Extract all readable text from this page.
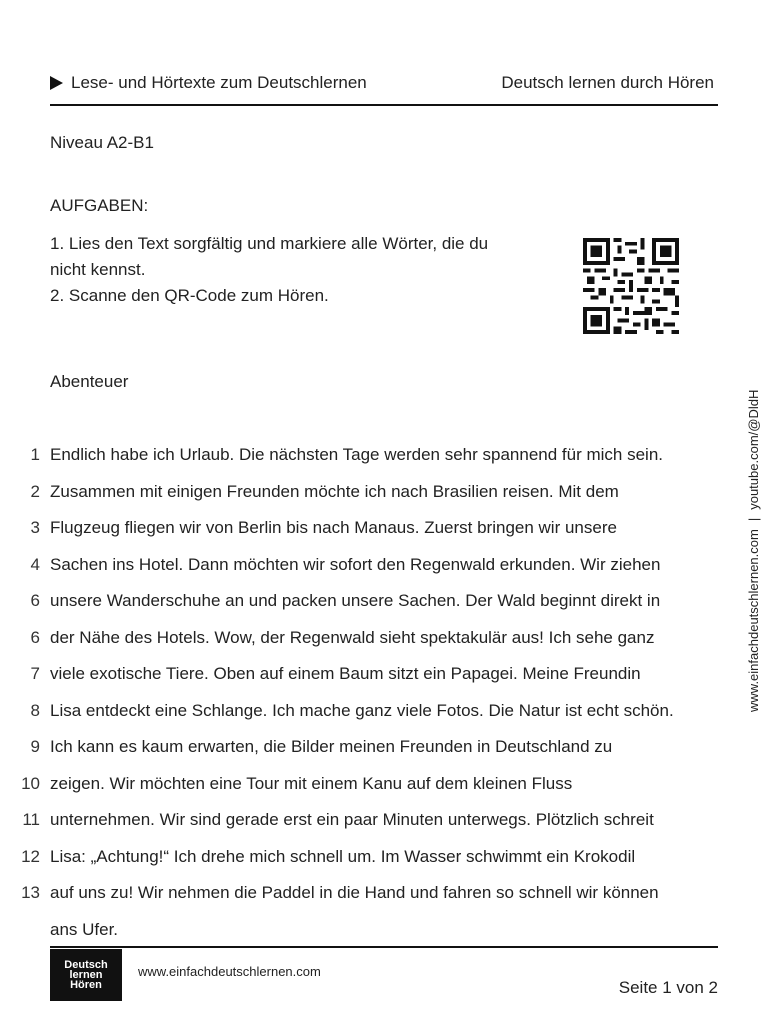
Lese- und Hörtexte zum Deutschlernen	Deutsch lernen durch Hören
Niveau A2-B1
AUFGABEN:
1. Lies den Text sorgfältig und markiere alle Wörter, die du
nicht kennst.
2. Scanne den QR-Code zum Hören.
Abenteuer
1 Endlich habe ich Urlaub. Die nächsten Tage werden sehr spannend für mich sein.
2 Zusammen mit einigen Freunden möchte ich nach Brasilien reisen. Mit dem
3 Flugzeug fliegen wir von Berlin bis nach Manaus. Zuerst bringen wir unsere
4 Sachen ins Hotel. Dann möchten wir sofort den Regenwald erkunden. Wir ziehen
6 unsere Wanderschuhe an und packen unsere Sachen. Der Wald beginnt direkt in
6 der Nähe des Hotels. Wow, der Regenwald sieht spektakulär aus! Ich sehe ganz
7 viele exotische Tiere. Oben auf einem Baum sitzt ein Papagei. Meine Freundin
8 Lisa entdeckt eine Schlange. Ich mache ganz viele Fotos. Die Natur ist echt schön.
9 Ich kann es kaum erwarten, die Bilder meinen Freunden in Deutschland zu
10 zeigen. Wir möchten eine Tour mit einem Kanu auf dem kleinen Fluss
11 unternehmen. Wir sind gerade erst ein paar Minuten unterwegs. Plötzlich schreit
12 Lisa: „Achtung!“ Ich drehe mich schnell um. Im Wasser schwimmt ein Krokodil
13 auf uns zu! Wir nehmen die Paddel in die Hand und fahren so schnell wir können
ans Ufer.
www.einfachdeutschlernen.com
|
youtube.com/@DldH
Deutsch
lernen
Hören
www.einfachdeutschlernen.com
Seite 1 von 2
